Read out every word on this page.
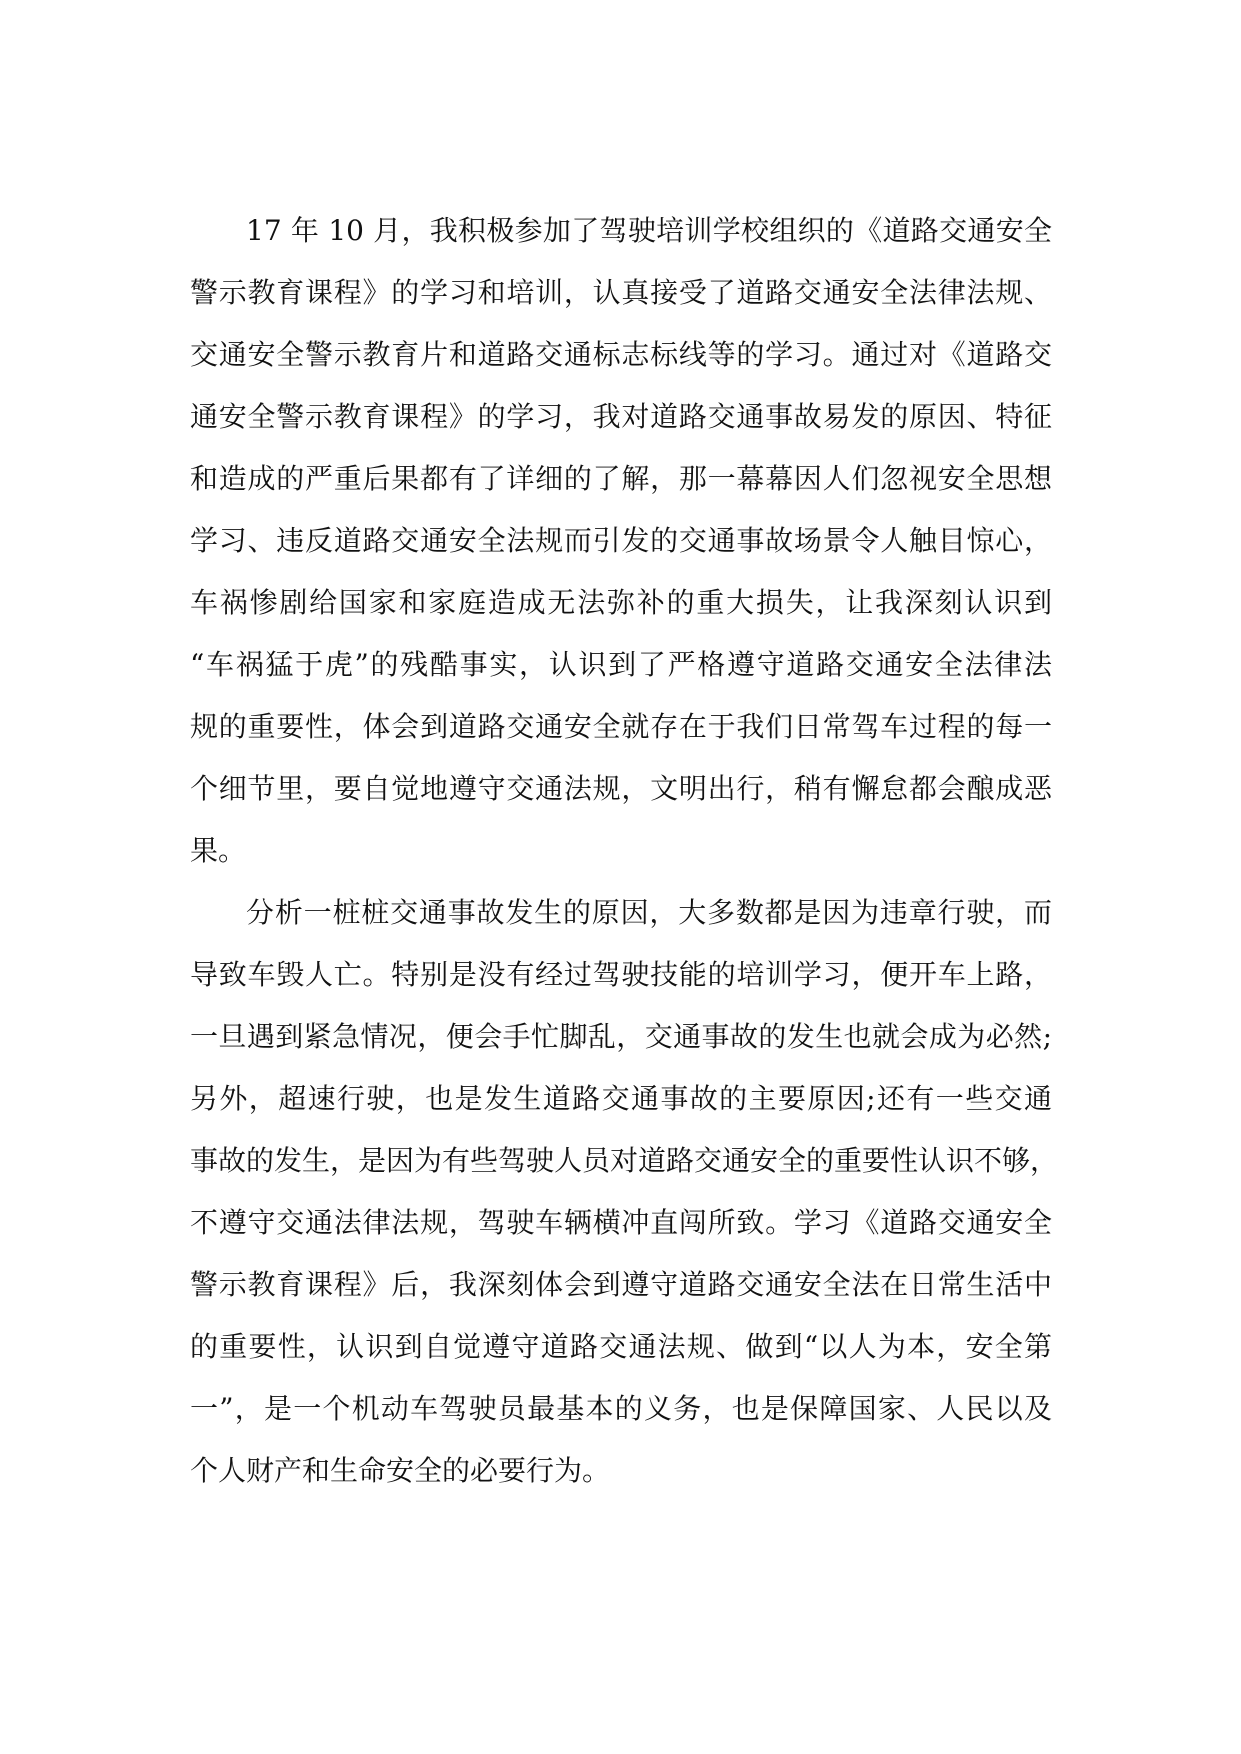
17 年 10 月，我积极参加了驾驶培训学校组织的《道路交通安全
警示教育课程》的学习和培训，认真接受了道路交通安全法律法规、
交通安全警示教育片和道路交通标志标线等的学习。通过对《道路交
通安全警示教育课程》的学习，我对道路交通事故易发的原因、特征
和造成的严重后果都有了详细的了解，那一幕幕因人们忽视安全思想
学习、违反道路交通安全法规而引发的交通事故场景令人触目惊心，
车祸惨剧给国家和家庭造成无法弥补的重大损失，让我深刻认识到
“车祸猛于虎”的残酷事实，认识到了严格遵守道路交通安全法律法
规的重要性，体会到道路交通安全就存在于我们日常驾车过程的每一
个细节里，要自觉地遵守交通法规，文明出行，稍有懈怠都会酿成恶
果。
分析一桩桩交通事故发生的原因，大多数都是因为违章行驶，而
导致车毁人亡。特别是没有经过驾驶技能的培训学习，便开车上路，
一旦遇到紧急情况，便会手忙脚乱，交通事故的发生也就会成为必然;
另外，超速行驶，也是发生道路交通事故的主要原因;还有一些交通
事故的发生，是因为有些驾驶人员对道路交通安全的重要性认识不够，
不遵守交通法律法规，驾驶车辆横冲直闯所致。学习《道路交通安全
警示教育课程》后，我深刻体会到遵守道路交通安全法在日常生活中
的重要性，认识到自觉遵守道路交通法规、做到“以人为本，安全第
一”，是一个机动车驾驶员最基本的义务，也是保障国家、人民以及
个人财产和生命安全的必要行为。
